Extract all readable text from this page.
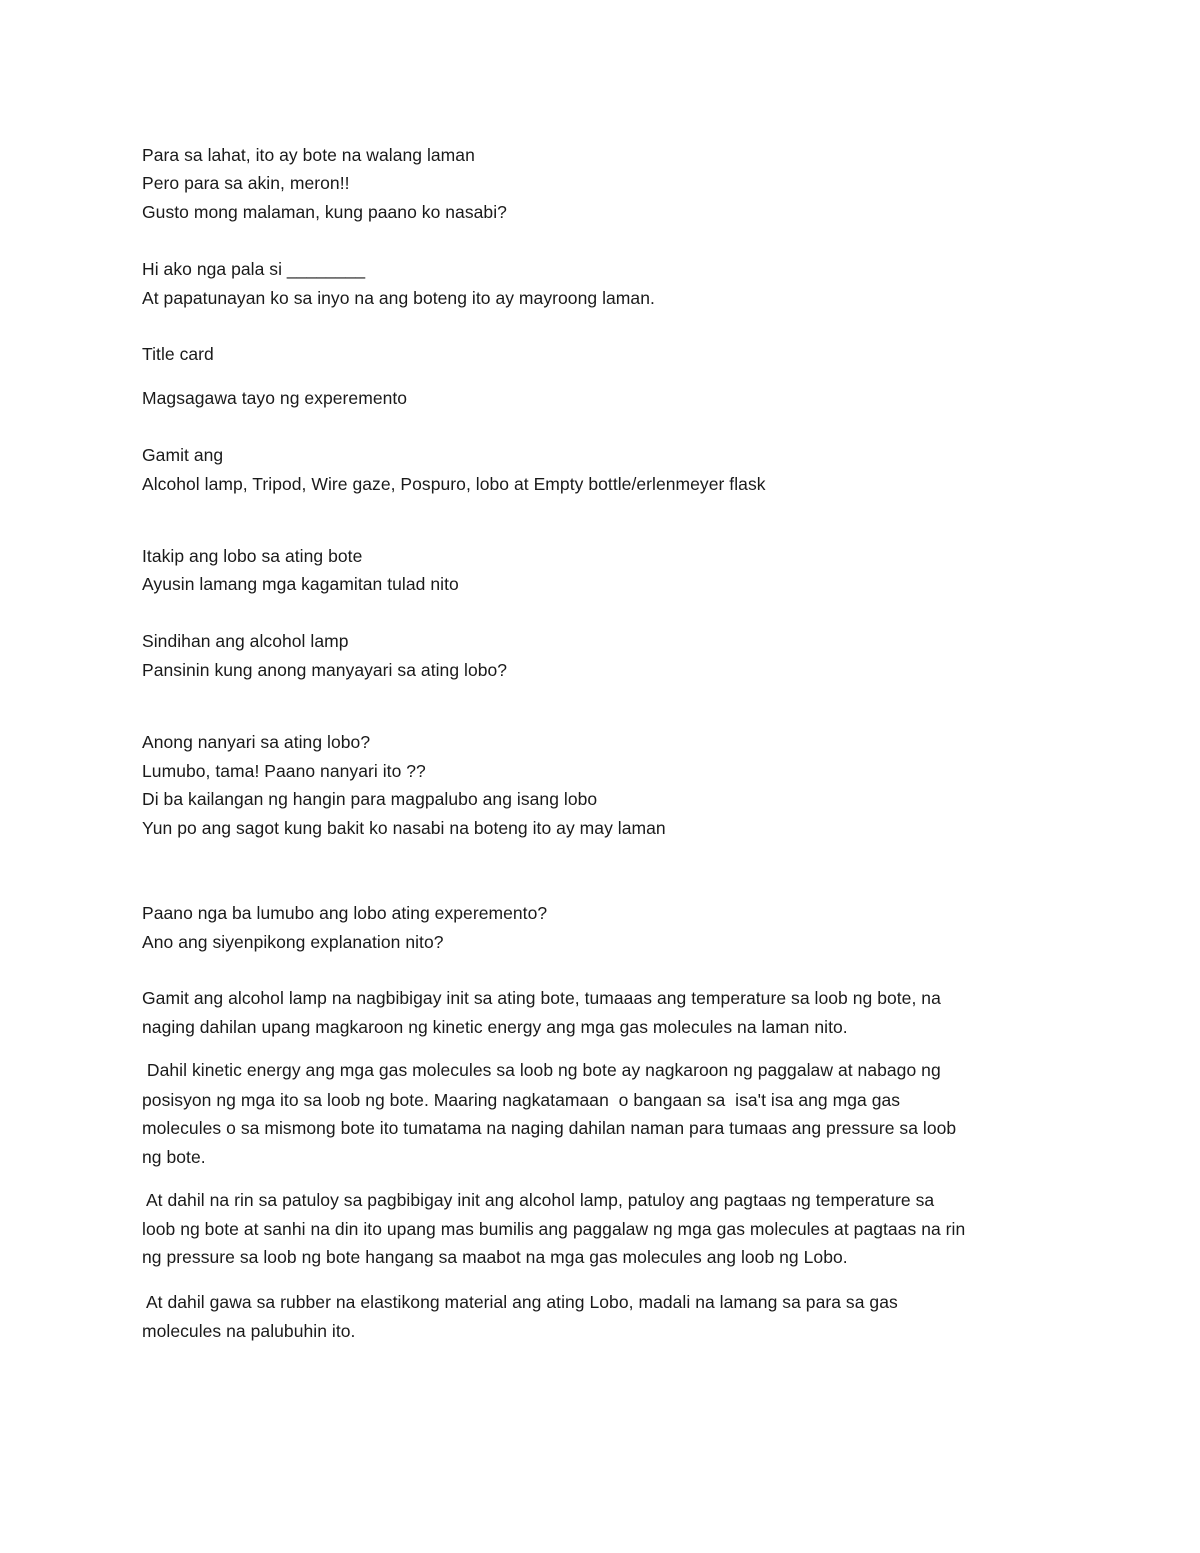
Para sa lahat, ito ay bote na walang laman
Pero para sa akin, meron!!
Gusto mong malaman, kung paano ko nasabi?
Hi ako nga pala si ________
At papatunayan ko sa inyo na ang boteng ito ay mayroong laman.
Title card
Magsagawa tayo ng experemento
Gamit ang
Alcohol lamp, Tripod, Wire gaze, Pospuro, lobo at Empty bottle/erlenmeyer flask
Itakip ang lobo sa ating bote
Ayusin lamang mga kagamitan tulad nito
Sindihan ang alcohol lamp
Pansinin kung anong manyayari sa ating lobo?
Anong nanyari sa ating lobo?
Lumubo, tama! Paano nanyari ito ??
Di ba kailangan ng hangin para magpalubo ang isang lobo
Yun po ang sagot kung bakit ko nasabi na boteng ito ay may laman
Paano nga ba lumubo ang lobo ating experemento?
Ano ang siyenpikong explanation nito?
Gamit ang alcohol lamp na nagbibigay init sa ating bote, tumaaas ang temperature sa loob ng bote, na
naging dahilan upang magkaroon ng kinetic energy ang mga gas molecules na laman nito.
Dahil kinetic energy ang mga gas molecules sa loob ng bote ay nagkaroon ng paggalaw at nabago ng
posisyon ng mga ito sa loob ng bote. Maaring nagkatamaan  o bangaan sa  isa't isa ang mga gas
molecules o sa mismong bote ito tumatama na naging dahilan naman para tumaas ang pressure sa loob
ng bote.
At dahil na rin sa patuloy sa pagbibigay init ang alcohol lamp, patuloy ang pagtaas ng temperature sa
loob ng bote at sanhi na din ito upang mas bumilis ang paggalaw ng mga gas molecules at pagtaas na rin
ng pressure sa loob ng bote hangang sa maabot na mga gas molecules ang loob ng Lobo.
At dahil gawa sa rubber na elastikong material ang ating Lobo, madali na lamang sa para sa gas
molecules na palubuhin ito.
